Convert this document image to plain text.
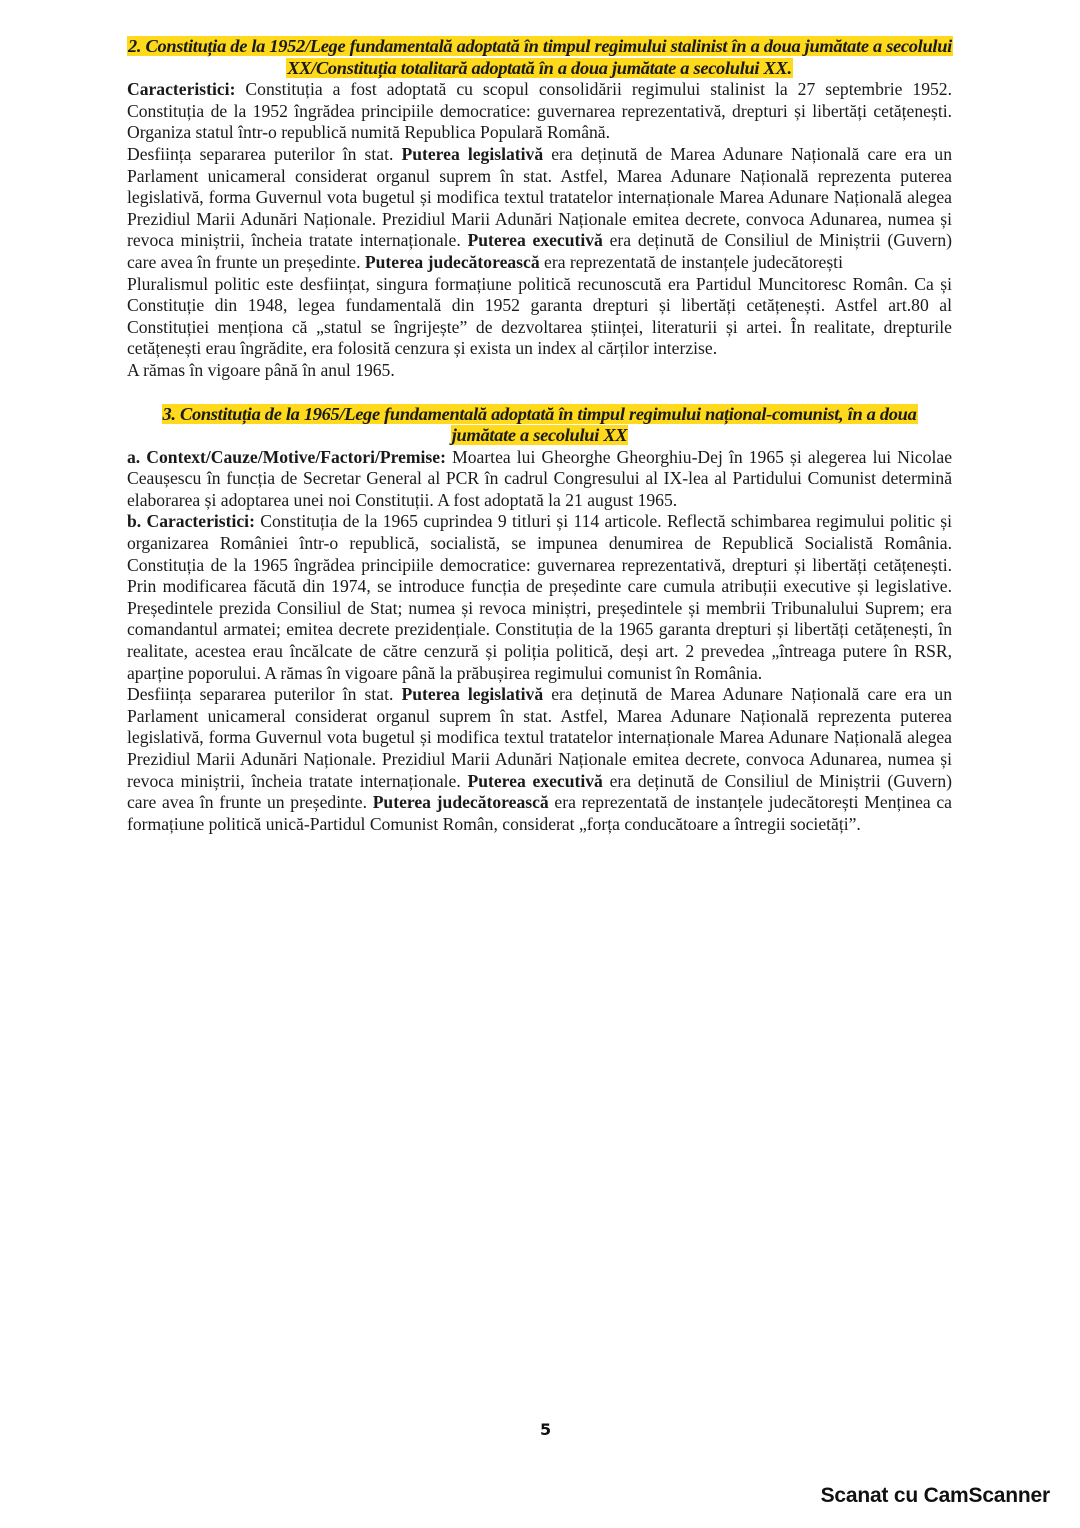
2. Constituția de la 1952/Lege fundamentală adoptată în timpul regimului stalinist în a doua jumătate a secolului XX/Constituția totalitară adoptată în a doua jumătate a secolului XX.

Caracteristici: Constituția a fost adoptată cu scopul consolidării regimului stalinist la 27 septembrie 1952. Constituția de la 1952 îngrădea principiile democratice: guvernarea reprezentativă, drepturi și libertăți cetățenești. Organiza statul într-o republică numită Republica Populară Română.

Desființa separarea puterilor în stat. Puterea legislativă era deținută de Marea Adunare Națională care era un Parlament unicameral considerat organul suprem în stat. Astfel, Marea Adunare Națională reprezenta puterea legislativă, forma Guvernul vota bugetul și modifica textul tratatelor internaționale Marea Adunare Națională alegea Prezidiul Marii Adunări Naționale. Prezidiul Marii Adunări Naționale emitea decrete, convoca Adunarea, numea și revoca miniștrii, încheia tratate internaționale. Puterea executivă era deținută de Consiliul de Miniștrii (Guvern) care avea în frunte un președinte. Puterea judecătorească era reprezentată de instanțele judecătorești

Pluralismul politic este desființat, singura formațiune politică recunoscută era Partidul Muncitoresc Român. Ca și Constituție din 1948, legea fundamentală din 1952 garanta drepturi și libertăți cetățenești. Astfel art.80 al Constituției menționa că „statul se îngrijește” de dezvoltarea științei, literaturii și artei. În realitate, drepturile cetățenești erau îngrădite, era folosită cenzura și exista un index al cărților interzise.

A rămas în vigoare până în anul 1965.

3. Constituția de la 1965/Lege fundamentală adoptată în timpul regimului național-comunist, în a doua jumătate a secolului XX

a. Context/Cauze/Motive/Factori/Premise: Moartea lui Gheorghe Gheorghiu-Dej în 1965 și alegerea lui Nicolae Ceaușescu în funcția de Secretar General al PCR în cadrul Congresului al IX-lea al Partidului Comunist determină elaborarea și adoptarea unei noi Constituții. A fost adoptată la 21 august 1965.

b. Caracteristici: Constituția de la 1965 cuprindea 9 titluri și 114 articole. Reflectă schimbarea regimului politic și organizarea României într-o republică, socialistă, se impunea denumirea de Republică Socialistă România. Constituția de la 1965 îngrădea principiile democratice: guvernarea reprezentativă, drepturi și libertăți cetățenești. Prin modificarea făcută din 1974, se introduce funcția de președinte care cumula atribuții executive și legislative. Președintele prezida Consiliul de Stat; numea și revoca miniștri, președintele și membrii Tribunalului Suprem; era comandantul armatei; emitea decrete prezidențiale. Constituția de la 1965 garanta drepturi și libertăți cetățenești, în realitate, acestea erau încălcate de către cenzură și poliția politică, deși art. 2 prevedea „întreaga putere în RSR, aparține poporului. A rămas în vigoare până la prăbușirea regimului comunist în România.

Desființa separarea puterilor în stat. Puterea legislativă era deținută de Marea Adunare Națională care era un Parlament unicameral considerat organul suprem în stat. Astfel, Marea Adunare Națională reprezenta puterea legislativă, forma Guvernul vota bugetul și modifica textul tratatelor internaționale Marea Adunare Națională alegea Prezidiul Marii Adunări Naționale. Prezidiul Marii Adunări Naționale emitea decrete, convoca Adunarea, numea și revoca miniștrii, încheia tratate internaționale. Puterea executivă era deținută de Consiliul de Miniștrii (Guvern) care avea în frunte un președinte. Puterea judecătorească era reprezentată de instanțele judecătorești Menținea ca formațiune politică unică-Partidul Comunist Român, considerat „forța conducătoare a întregii societăți”.

5
Scanat cu CamScanner
